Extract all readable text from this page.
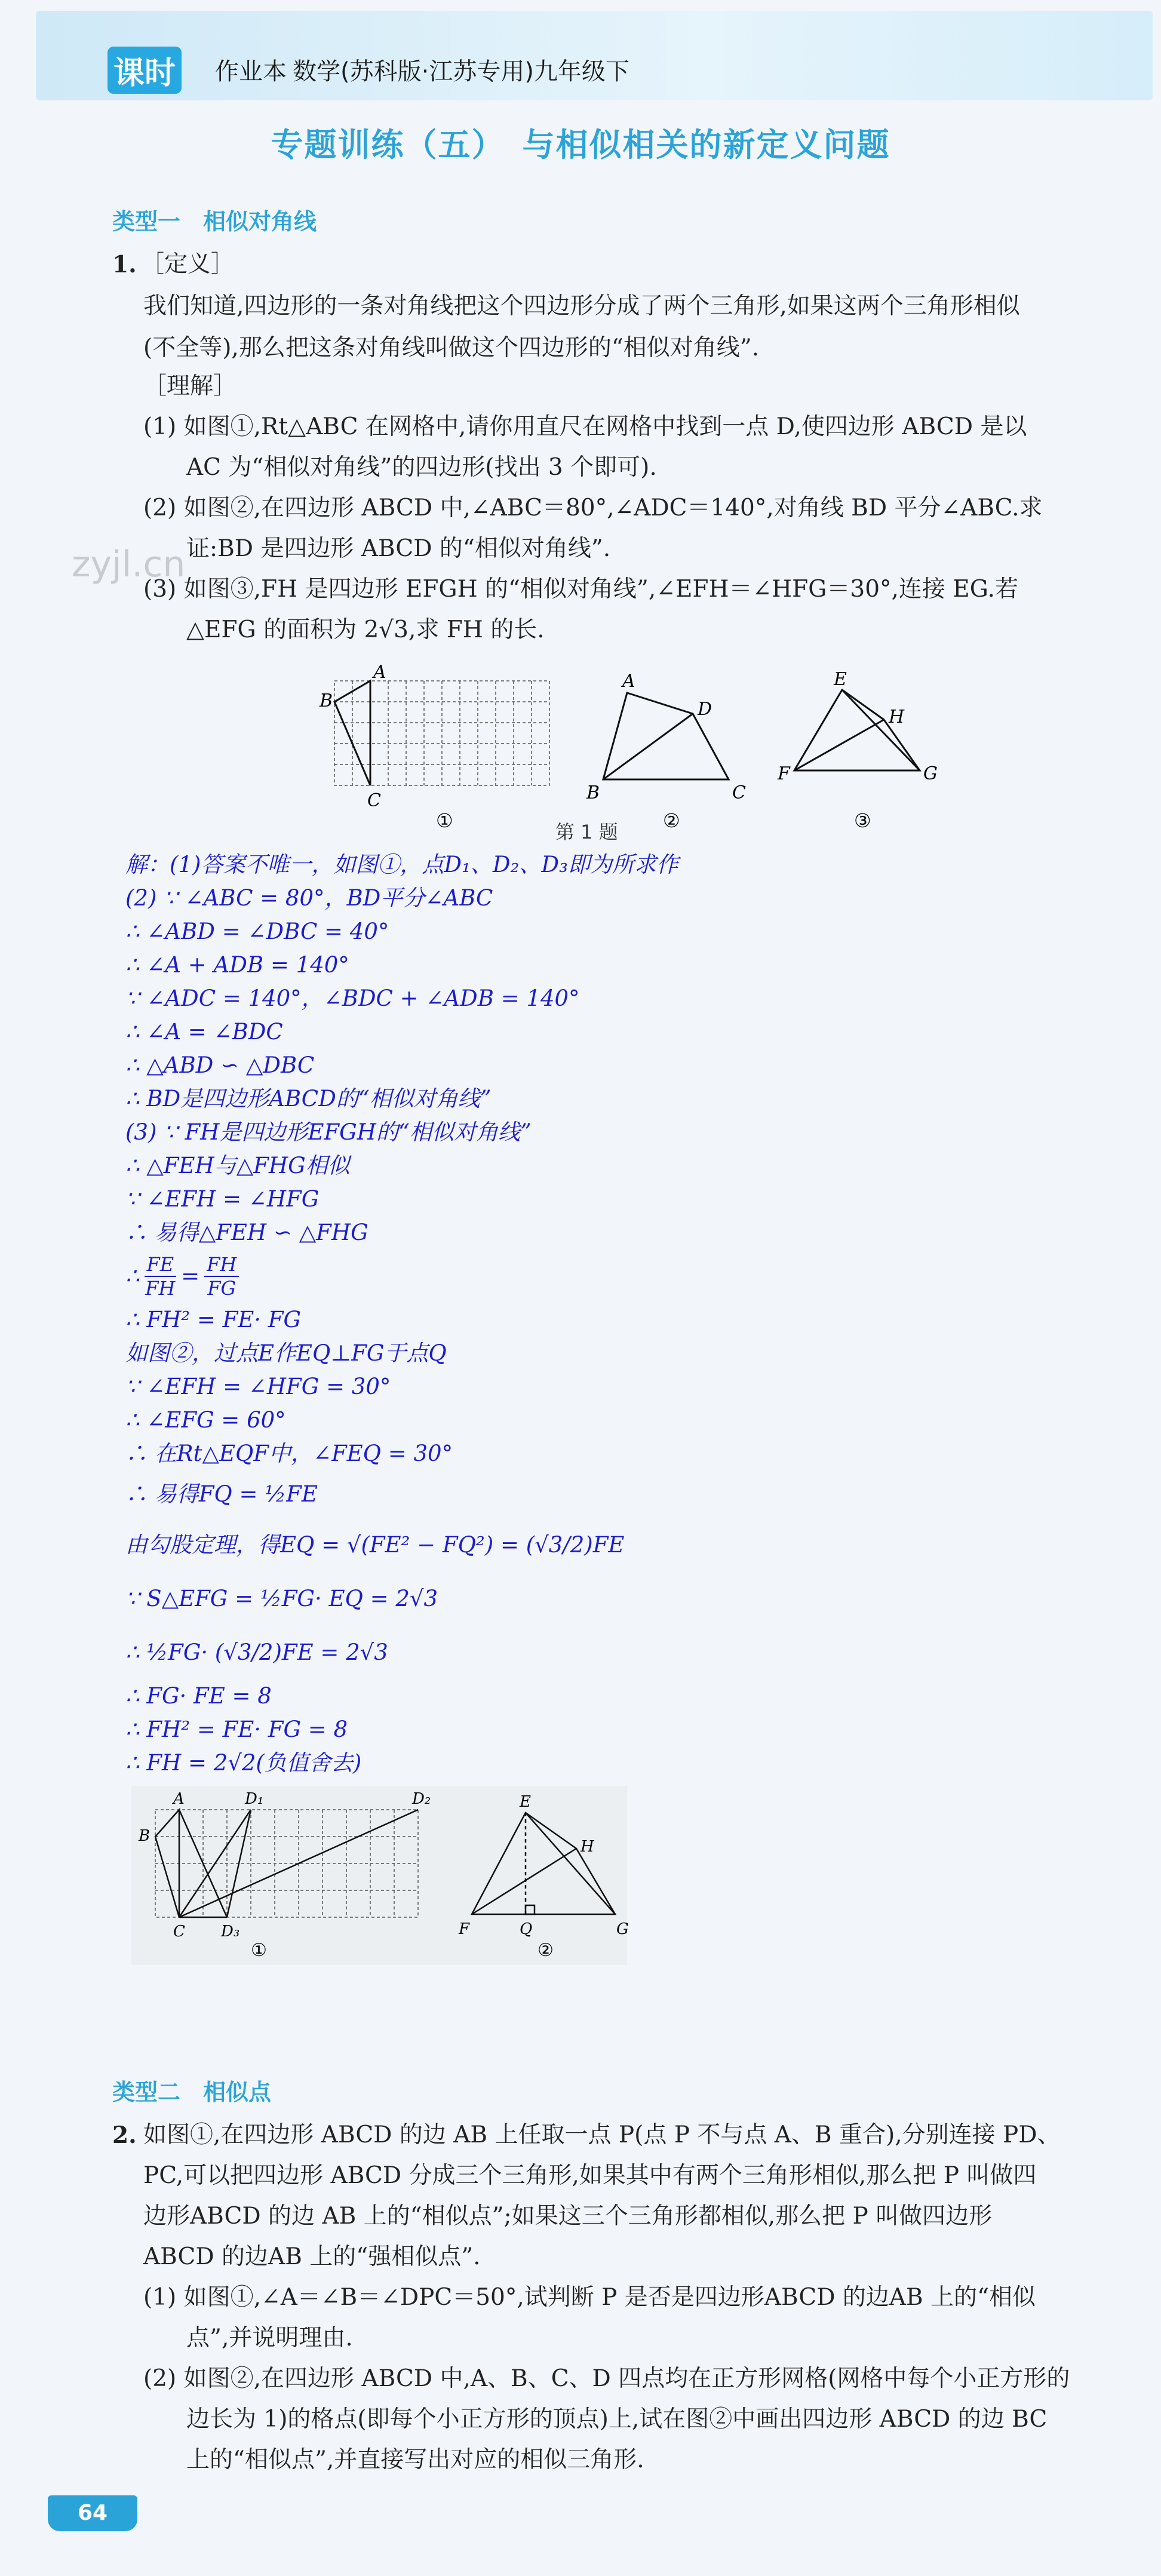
课时 作业本 数学(苏科版·江苏专用)九年级下
专题训练（五）　与相似相关的新定义问题
zyjl.cn
类型一　相似对角线
1. ［定义］
我们知道,四边形的一条对角线把这个四边形分成了两个三角形,如果这两个三角形相似
(不全等),那么把这条对角线叫做这个四边形的“相似对角线”.
［理解］
(1) 如图①,Rt△ABC 在网格中,请你用直尺在网格中找到一点 D,使四边形 ABCD 是以
AC 为“相似对角线”的四边形(找出 3 个即可).
(2) 如图②,在四边形 ABCD 中,∠ABC＝80°,∠ADC＝140°,对角线 BD 平分∠ABC.求
证:BD 是四边形 ABCD 的“相似对角线”.
(3) 如图③,FH 是四边形 EFGH 的“相似对角线”,∠EFH＝∠HFG＝30°,连接 EG.若
△EFG 的面积为 2√3,求 FH 的长.
A
B
C
①
A
D
B	C
②
E
H
F	G
③
第 1 题
解：(1)答案不唯一，如图①，点D₁、D₂、D₃即为所求作
(2) ∵ ∠ABC = 80°，BD平分∠ABC
∴ ∠ABD = ∠DBC = 40°
∴ ∠A + ADB = 140°
∵ ∠ADC = 140°，∠BDC + ∠ADB = 140°
∴ ∠A = ∠BDC
∴ △ABD ∽ △DBC
∴ BD是四边形ABCD的“相似对角线”
(3) ∵ FH是四边形EFGH的“相似对角线”
∴ △FEH与△FHG相似
∵ ∠EFH = ∠HFG
∴ 易得△FEH ∽ △FHG
∴ $\frac{FE}{FH} = \frac{FH}{FG}$
∴ FH² = FE· FG
如图②，过点E作EQ⊥FG于点Q
∵ ∠EFH = ∠HFG = 30°
∴ ∠EFG = 60°
∴ 在Rt△EQF中，∠FEQ = 30°
∴ 易得FQ = ½FE
由勾股定理，得EQ = √(FE² − FQ²) = (√3/2)FE
∵ S△EFG = ½FG· EQ = 2√3
∴ ½FG· (√3/2)FE = 2√3
∴ FG· FE = 8
∴ FH² = FE· FG = 8
∴ FH = 2√2(负值舍去)
A
B
C
D₁	D₂
D₃
①
E
H
F	Q	G
②
类型二　相似点
2. 如图①,在四边形 ABCD 的边 AB 上任取一点 P(点 P 不与点 A、B 重合),分别连接 PD、
PC,可以把四边形 ABCD 分成三个三角形,如果其中有两个三角形相似,那么把 P 叫做四
边形ABCD 的边 AB 上的“相似点”;如果这三个三角形都相似,那么把 P 叫做四边形
ABCD 的边AB 上的“强相似点”.
(1) 如图①,∠A＝∠B＝∠DPC＝50°,试判断 P 是否是四边形ABCD 的边AB 上的“相似
点”,并说明理由.
(2) 如图②,在四边形 ABCD 中,A、B、C、D 四点均在正方形网格(网格中每个小正方形的
边长为 1)的格点(即每个小正方形的顶点)上,试在图②中画出四边形 ABCD 的边 BC
上的“相似点”,并直接写出对应的相似三角形.
64
